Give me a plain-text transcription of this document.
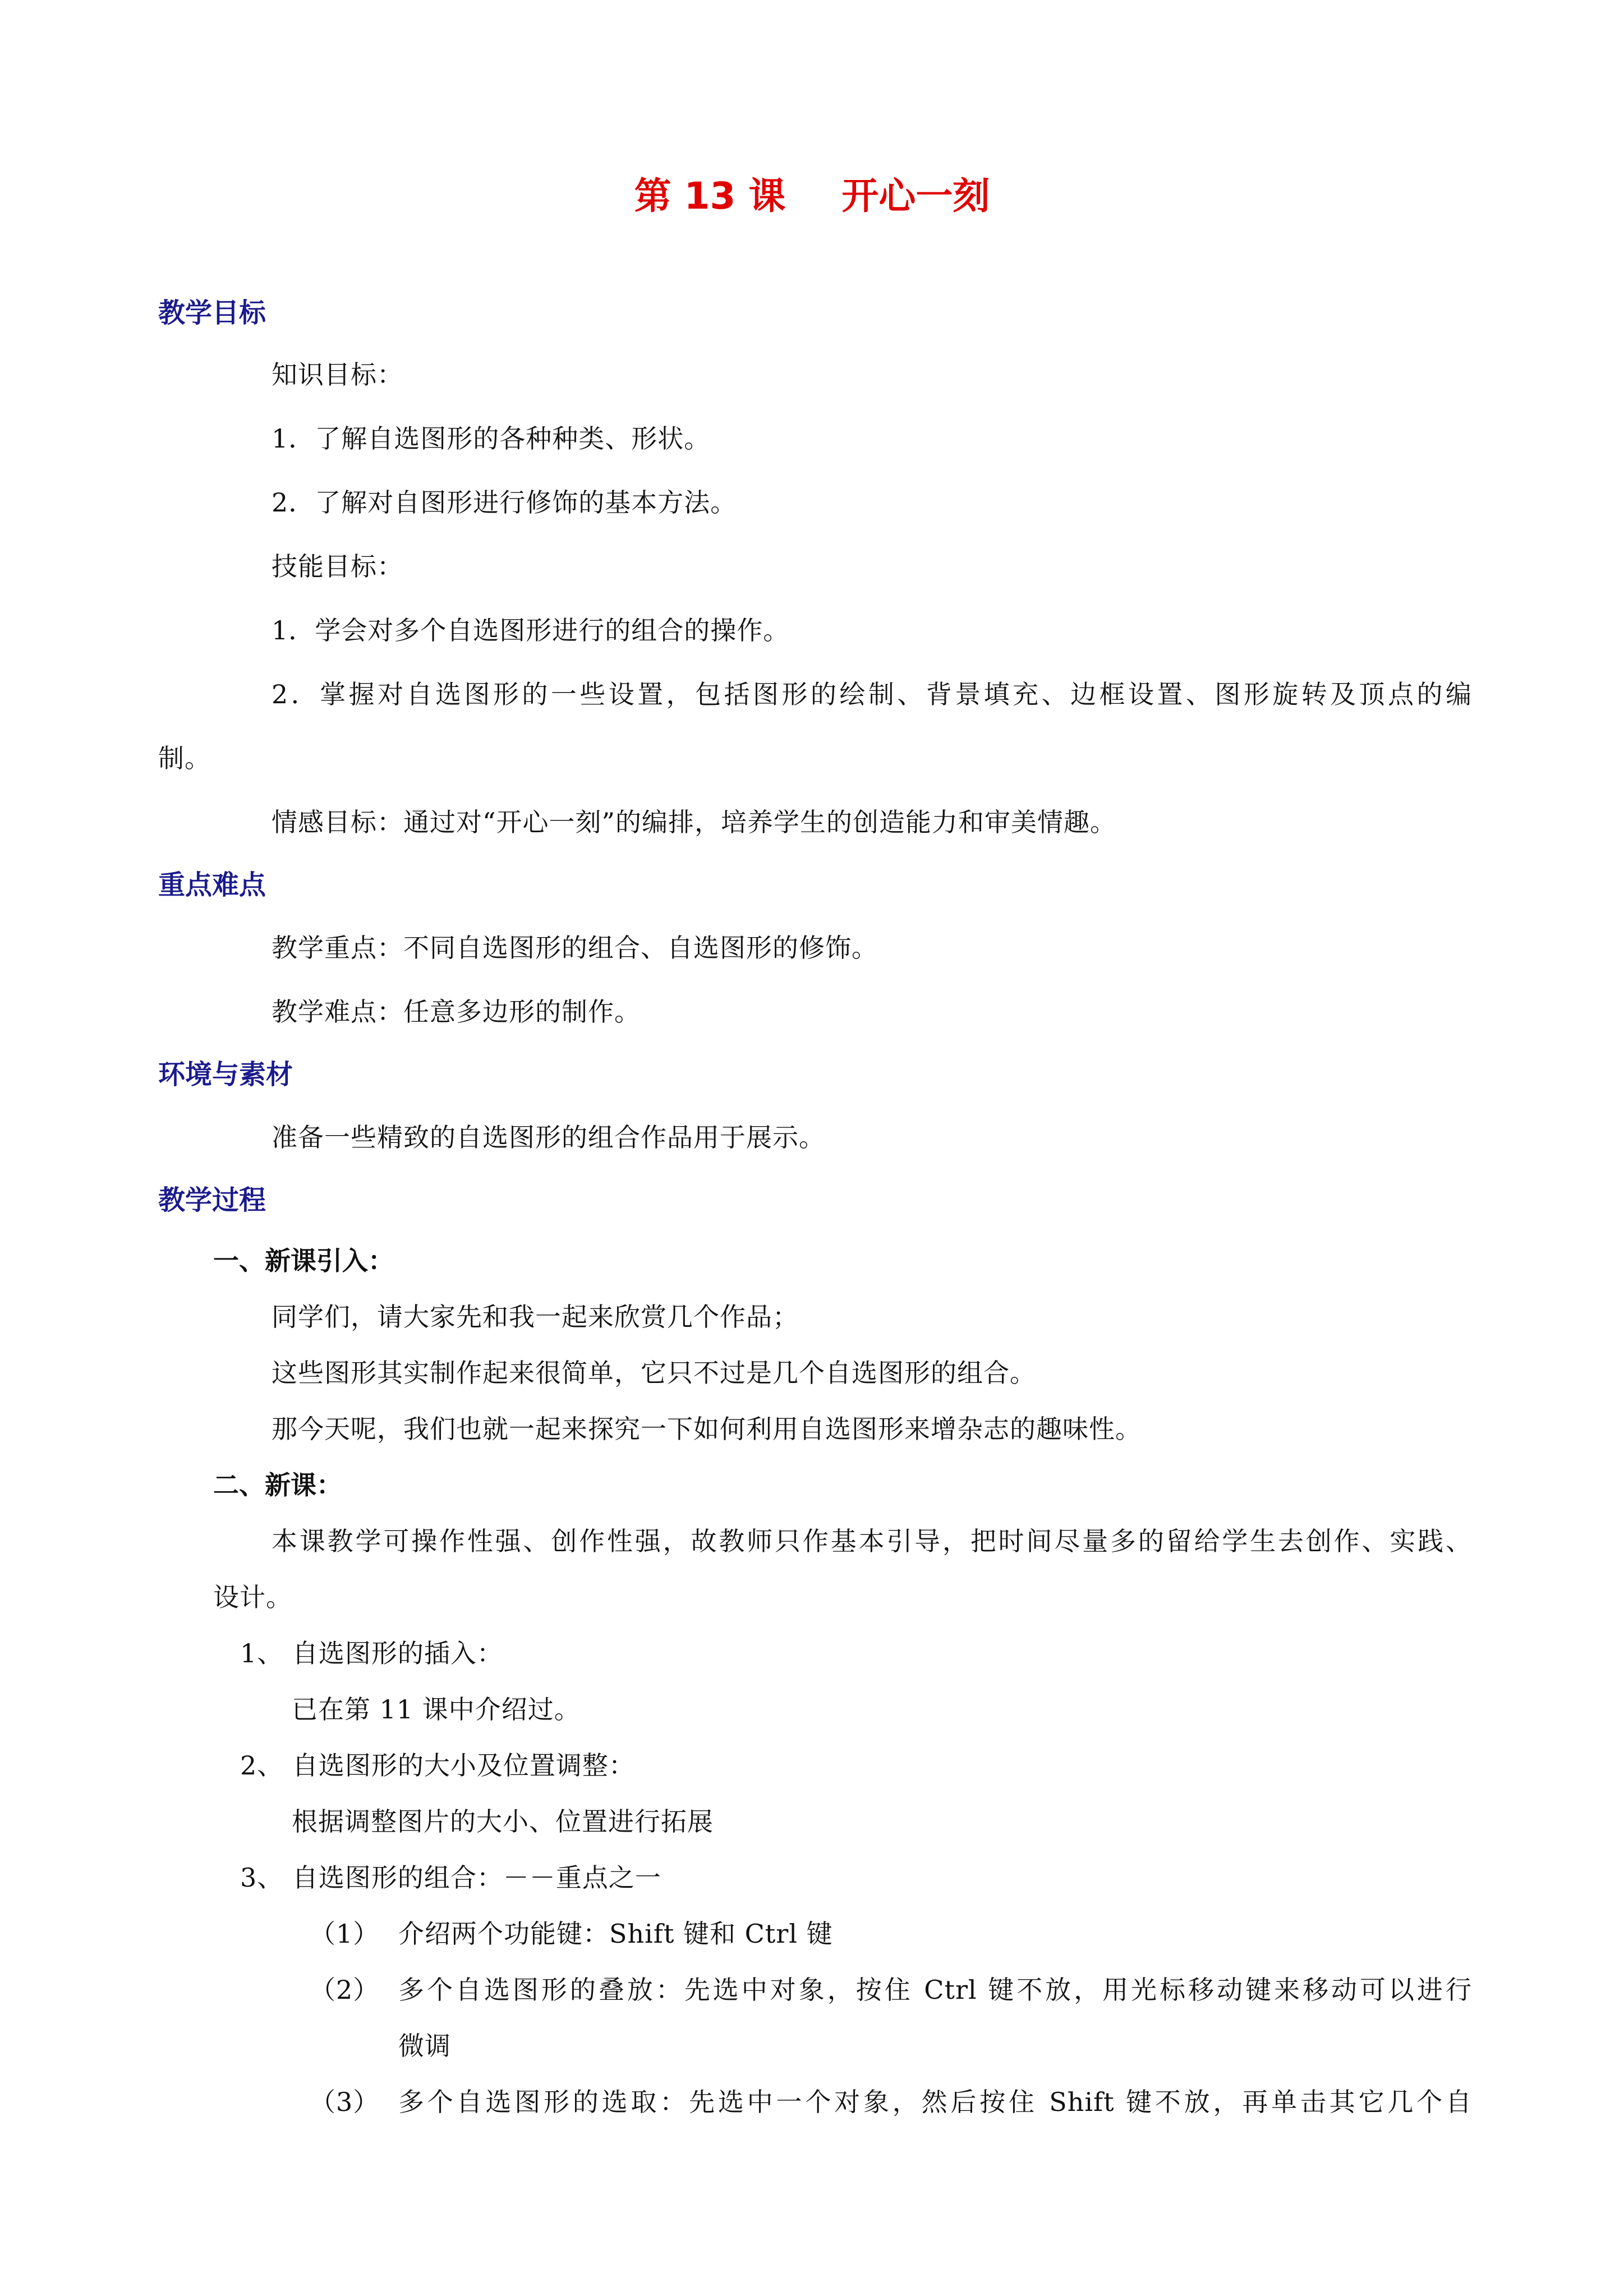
第 13 课 开心一刻
教学目标
知识目标：
1．了解自选图形的各种种类、形状。
2．了解对自图形进行修饰的基本方法。
技能目标：
1．学会对多个自选图形进行的组合的操作。
2．掌握对自选图形的一些设置，包括图形的绘制、背景填充、边框设置、图形旋转及顶点的编
制。
情感目标：通过对“开心一刻”的编排，培养学生的创造能力和审美情趣。
重点难点
教学重点：不同自选图形的组合、自选图形的修饰。
教学难点：任意多边形的制作。
环境与素材
准备一些精致的自选图形的组合作品用于展示。
教学过程
一、新课引入：
同学们，请大家先和我一起来欣赏几个作品；
这些图形其实制作起来很简单，它只不过是几个自选图形的组合。
那今天呢，我们也就一起来探究一下如何利用自选图形来增杂志的趣味性。
二、新课：
本课教学可操作性强、创作性强，故教师只作基本引导，把时间尽量多的留给学生去创作、实践、
设计。
1、 自选图形的插入：
已在第 11 课中介绍过。
2、 自选图形的大小及位置调整：
根据调整图片的大小、位置进行拓展
3、 自选图形的组合：－－重点之一
（1） 介绍两个功能键：Shift 键和 Ctrl 键
（2） 多个自选图形的叠放：先选中对象，按住 Ctrl 键不放，用光标移动键来移动可以进行
微调
（3） 多个自选图形的选取：先选中一个对象，然后按住 Shift 键不放，再单击其它几个自
